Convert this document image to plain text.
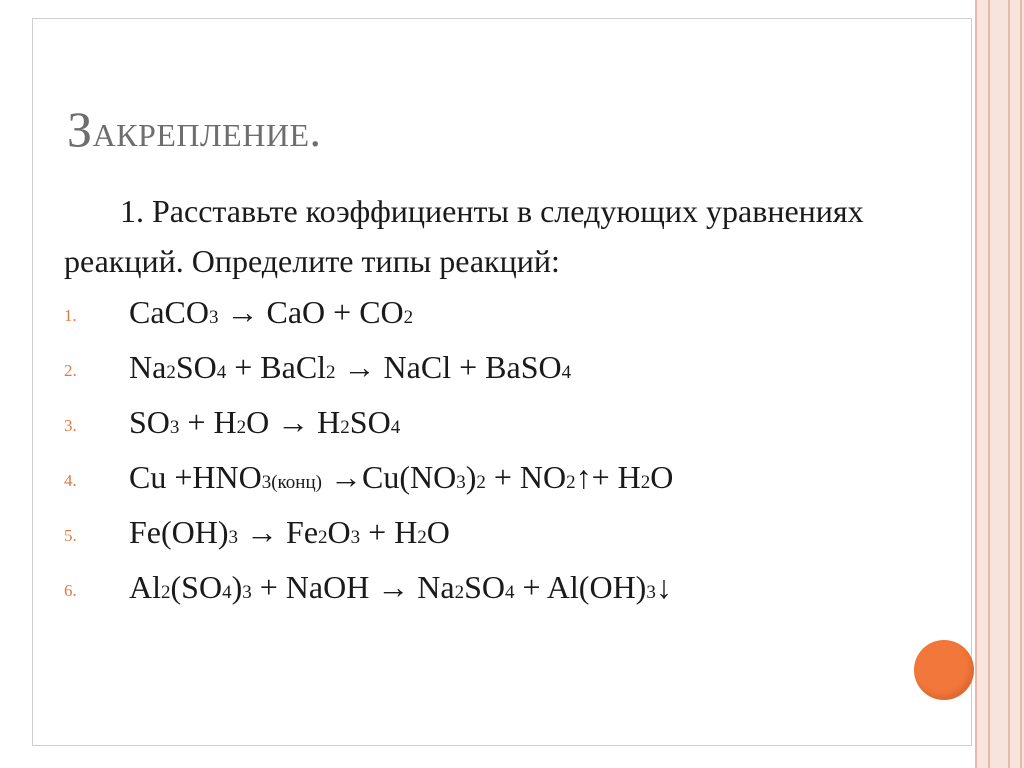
Закрепление.

1. Расставьте коэффициенты в следующих уравнениях реакций. Определите типы реакций:

1. CaCO3 → CaO + CO2
2. Na2SO4 + BaCl2 → NaCl + BaSO4
3. SO3 + H2O → H2SO4
4. Cu +HNO3(конц) →Cu(NO3)2 + NO2↑+ H2O
5. Fe(OH)3 → Fe2O3 + H2O
6. Al2(SO4)3 + NaOH → Na2SO4 + Al(OH)3↓
